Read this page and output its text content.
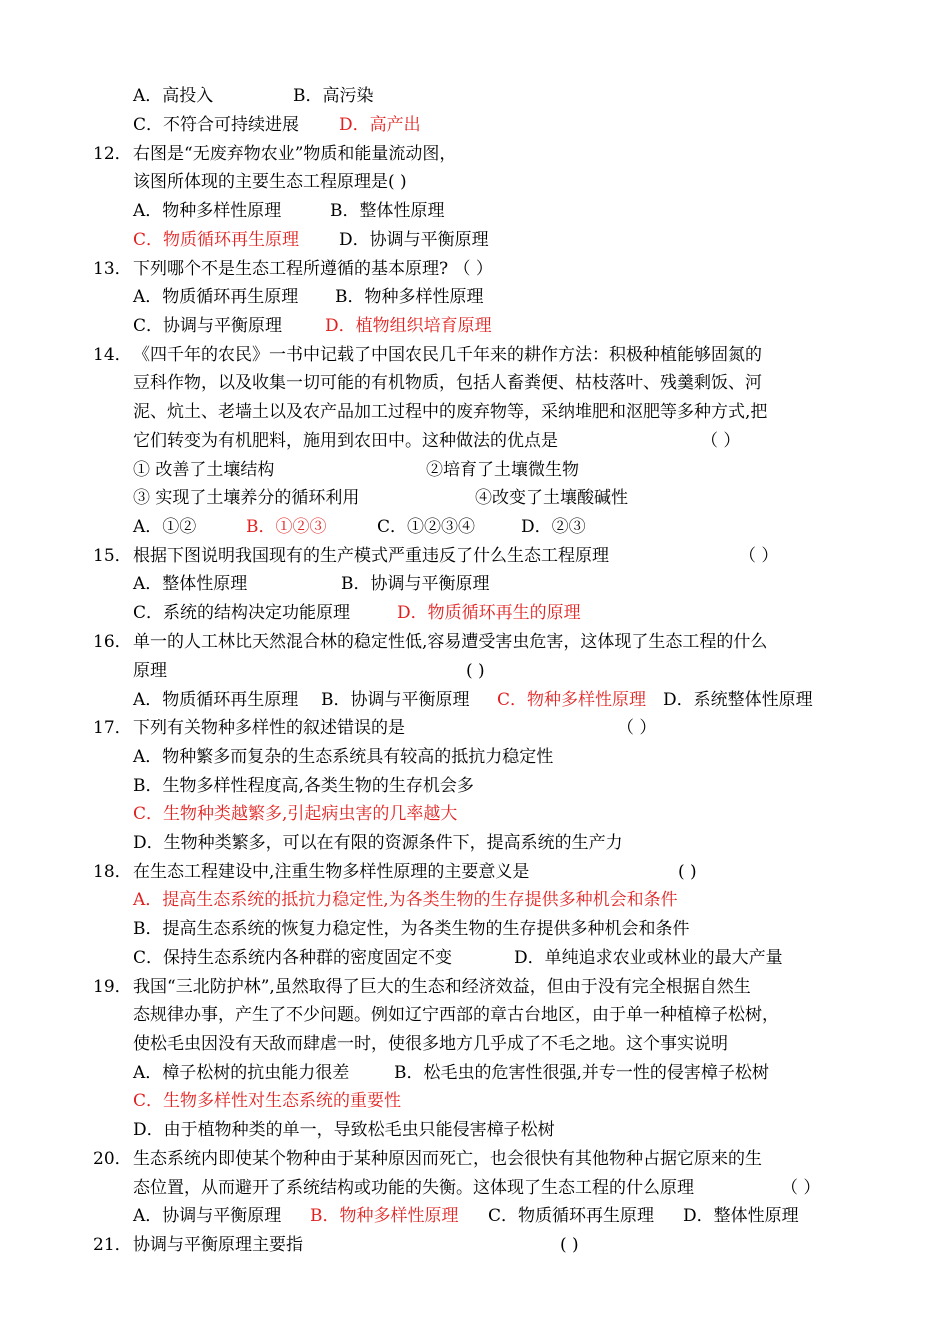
A．高投入	B．高污染
C．不符合可持续进展 D．高产出
12． 右图是“无废弃物农业”物质和能量流动图，
该图所体现的主要生态工程原理是( )
A．物种多样性原理	B．整体性原理
C．物质循环再生原理 D．协调与平衡原理
13． 下列哪个不是生态工程所遵循的基本原理? （ ）
A．物质循环再生原理 B．物种多样性原理
C．协调与平衡原理	D．植物组织培育原理
14． 《四千年的农民》一书中记载了中国农民几千年来的耕作方法：积极种植能够固氮的
豆科作物，以及收集一切可能的有机物质，包括人畜粪便、枯枝落叶、残羹剩饭、河
泥、炕土、老墙土以及农产品加工过程中的废弃物等，采纳堆肥和沤肥等多种方式,把
它们转变为有机肥料，施用到农田中。这种做法的优点是	（ ）
① 改善了土壤结构	②培育了土壤微生物
③ 实现了土壤养分的循环利用	④改变了土壤酸碱性
A．①②	B．①②③	C．①②③④	D．②③
15． 根据下图说明我国现有的生产模式严重违反了什么生态工程原理	（ ）
A．整体性原理	B．协调与平衡原理
C．系统的结构决定功能原理	D．物质循环再生的原理
16． 单一的人工林比天然混合林的稳定性低,容易遭受害虫危害，这体现了生态工程的什么
原理	( )
A．物质循环再生原理 B．协调与平衡原理 C．物种多样性原理 D．系统整体性原理
17． 下列有关物种多样性的叙述错误的是	（ ）
A．物种繁多而复杂的生态系统具有较高的抵抗力稳定性
B．生物多样性程度高,各类生物的生存机会多
C．生物种类越繁多,引起病虫害的几率越大
D．生物种类繁多，可以在有限的资源条件下，提高系统的生产力
18． 在生态工程建设中,注重生物多样性原理的主要意义是	( )
A．提高生态系统的抵抗力稳定性,为各类生物的生存提供多种机会和条件
B．提高生态系统的恢复力稳定性，为各类生物的生存提供多种机会和条件
C．保持生态系统内各种群的密度固定不变	D．单纯追求农业或林业的最大产量
19． 我国“三北防护林”,虽然取得了巨大的生态和经济效益，但由于没有完全根据自然生
态规律办事，产生了不少问题。例如辽宁西部的章古台地区，由于单一种植樟子松树，
使松毛虫因没有天敌而肆虐一时，使很多地方几乎成了不毛之地。这个事实说明
A．樟子松树的抗虫能力很差	B．松毛虫的危害性很强,并专一性的侵害樟子松树
C．生物多样性对生态系统的重要性
D．由于植物种类的单一，导致松毛虫只能侵害樟子松树
20． 生态系统内即使某个物种由于某种原因而死亡，也会很快有其他物种占据它原来的生
态位置，从而避开了系统结构或功能的失衡。这体现了生态工程的什么原理	（ ）
A．协调与平衡原理 B．物种多样性原理 C．物质循环再生原理 D．整体性原理
21． 协调与平衡原理主要指	( )
